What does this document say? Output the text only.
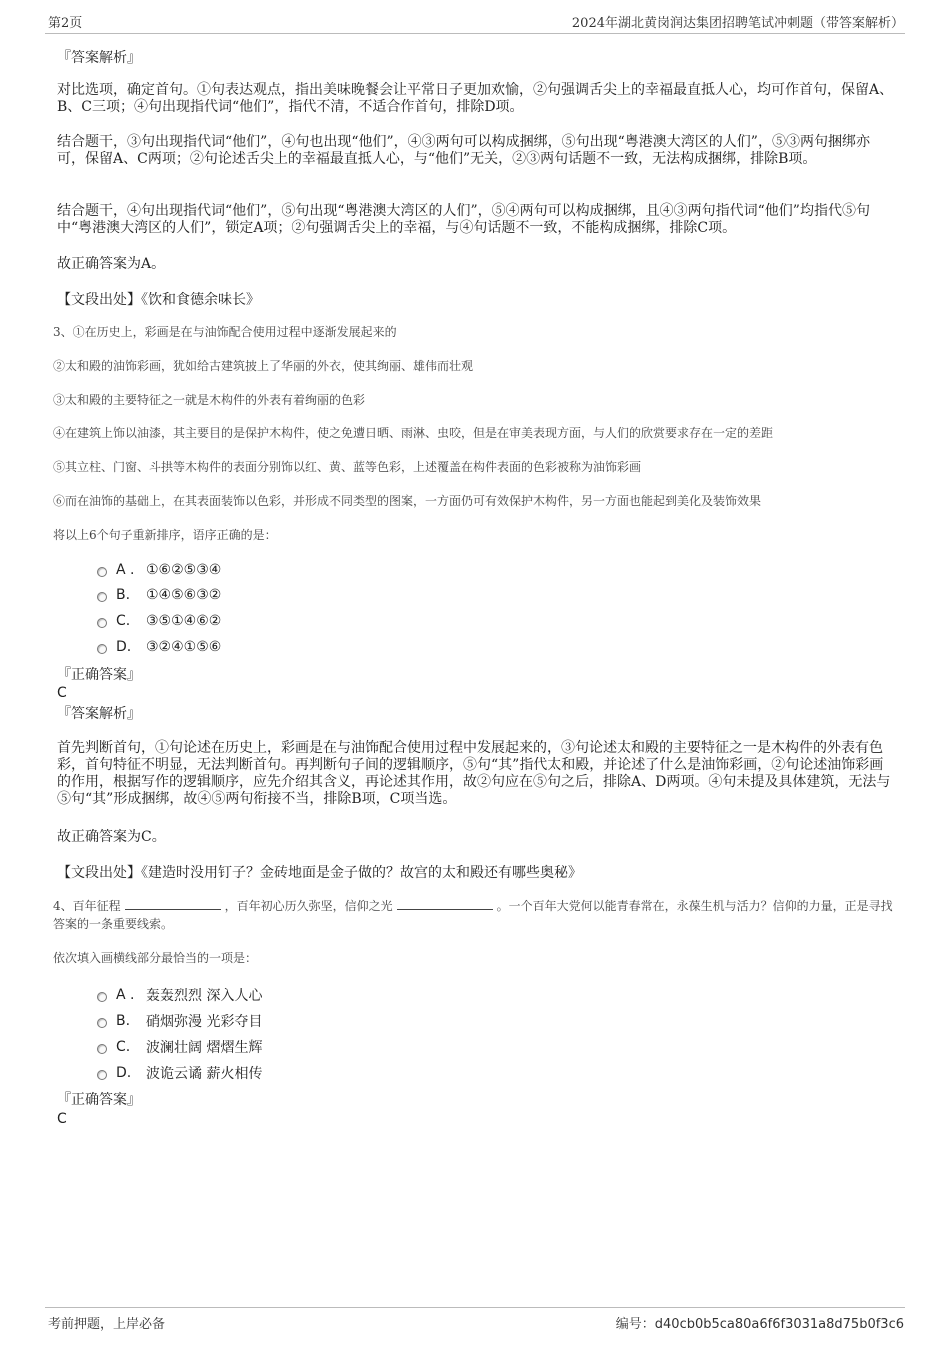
第2页	2024年湖北黄岗润达集团招聘笔试冲刺题（带答案解析）
『答案解析』
对比选项，确定首句。①句表达观点，指出美味晚餐会让平常日子更加欢愉，②句强调舌尖上的幸福最直抵人心，均可作首句，保留A、B、C三项；④句出现指代词“他们”，指代不清，不适合作首句，排除D项。
结合题干，③句出现指代词“他们”，④句也出现“他们”，④③两句可以构成捆绑，⑤句出现“粤港澳大湾区的人们”，⑤③两句捆绑亦可，保留A、C两项；②句论述舌尖上的幸福最直抵人心，与“他们”无关，②③两句话题不一致，无法构成捆绑，排除B项。
结合题干，④句出现指代词“他们”，⑤句出现“粤港澳大湾区的人们”，⑤④两句可以构成捆绑，且④③两句指代词“他们”均指代⑤句中“粤港澳大湾区的人们”，锁定A项；②句强调舌尖上的幸福，与④句话题不一致，不能构成捆绑，排除C项。
故正确答案为A。
【文段出处】《饮和食德余味长》
3、①在历史上，彩画是在与油饰配合使用过程中逐渐发展起来的
②太和殿的油饰彩画，犹如给古建筑披上了华丽的外衣，使其绚丽、雄伟而壮观
③太和殿的主要特征之一就是木构件的外表有着绚丽的色彩
④在建筑上饰以油漆，其主要目的是保护木构件，使之免遭日晒、雨淋、虫咬，但是在审美表现方面，与人们的欣赏要求存在一定的差距
⑤其立柱、门窗、斗拱等木构件的表面分别饰以红、黄、蓝等色彩，上述覆盖在构件表面的色彩被称为油饰彩画
⑥而在油饰的基础上，在其表面装饰以色彩，并形成不同类型的图案，一方面仍可有效保护木构件，另一方面也能起到美化及装饰效果
将以上6个句子重新排序，语序正确的是：
A . ①⑥②⑤③④
B.	①④⑤⑥③②
C.	③⑤①④⑥②
D.	③②④①⑤⑥
『正确答案』
C
『答案解析』
首先判断首句，①句论述在历史上，彩画是在与油饰配合使用过程中发展起来的，③句论述太和殿的主要特征之一是木构件的外表有色彩，首句特征不明显，无法判断首句。再判断句子间的逻辑顺序，⑤句“其”指代太和殿，并论述了什么是油饰彩画，②句论述油饰彩画的作用，根据写作的逻辑顺序，应先介绍其含义，再论述其作用，故②句应在⑤句之后，排除A、D两项。④句未提及具体建筑，无法与⑤句“其”形成捆绑，故④⑤两句衔接不当，排除B项，C项当选。
故正确答案为C。
【文段出处】《建造时没用钉子？金砖地面是金子做的？故宫的太和殿还有哪些奥秘》
4、百年征程	，百年初心历久弥坚，信仰之光	。一个百年大党何以能青春常在，永葆生机与活力？信仰的力量，正是寻找答案的一条重要线索。
依次填入画横线部分最恰当的一项是：
A . 轰轰烈烈 深入人心
B.	硝烟弥漫 光彩夺目
C.	波澜壮阔 熠熠生辉
D.	波诡云谲 薪火相传
『正确答案』
C
考前押题，上岸必备	编号：d40cb0b5ca80a6f6f3031a8d75b0f3c6
